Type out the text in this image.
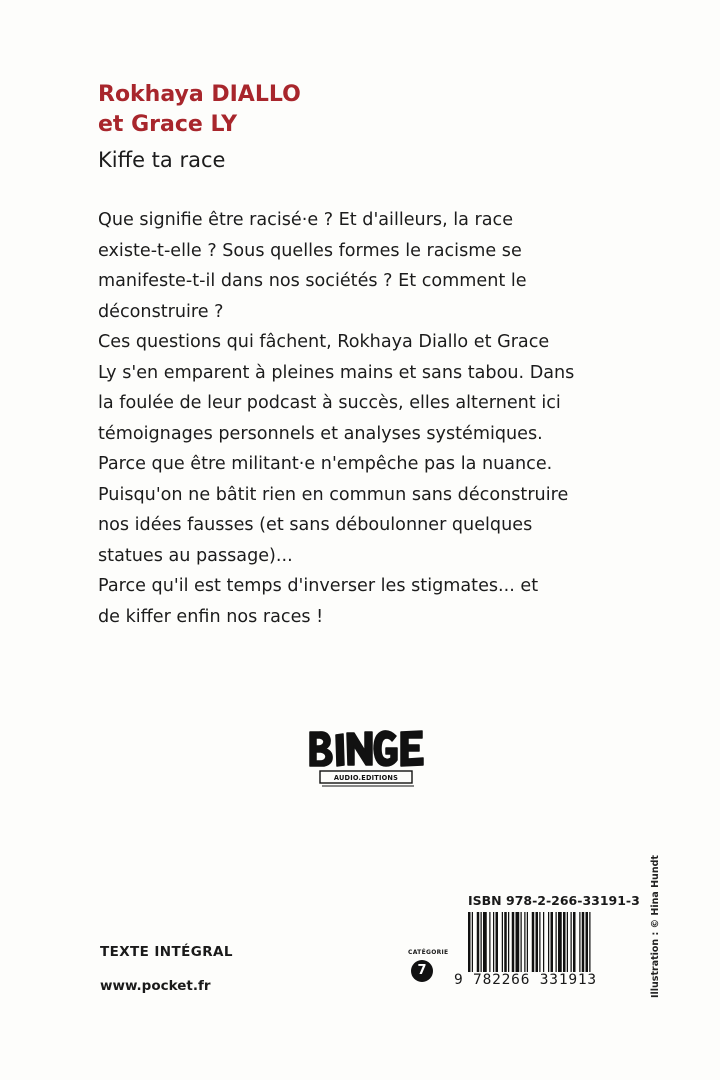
Rokhaya DIALLO
et Grace LY
Kiffe ta race

Que signifie être racisé·e ? Et d'ailleurs, la race
existe-t-elle ? Sous quelles formes le racisme se
manifeste-t-il dans nos sociétés ? Et comment le
déconstruire ?

Ces questions qui fâchent, Rokhaya Diallo et Grace
Ly s'en emparent à pleines mains et sans tabou. Dans
la foulée de leur podcast à succès, elles alternent ici
témoignages personnels et analyses systémiques.
Parce que être militant·e n'empêche pas la nuance.
Puisqu'on ne bâtit rien en commun sans déconstruire
nos idées fausses (et sans déboulonner quelques
statues au passage)...

Parce qu'il est temps d'inverser les stigmates... et
de kiffer enfin nos races !

AUDIO.EDITIONS
TEXTE INTÉGRAL
www.pocket.fr
CATÉGORIE
7
ISBN 978-2-266-33191-3
9 782266 331913	Illustration : © Hina Hundt
